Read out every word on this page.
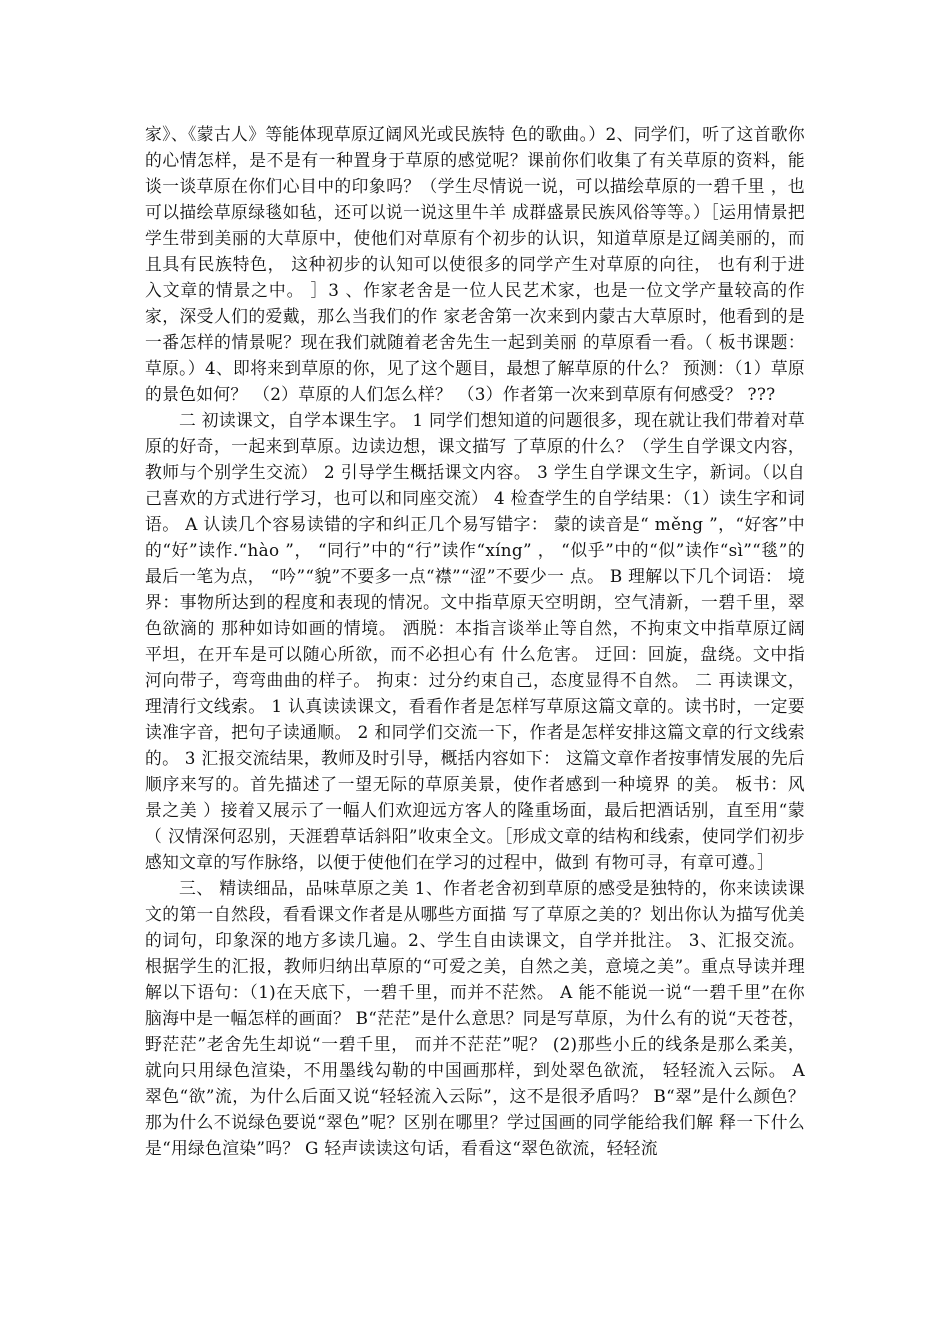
家》、《蒙古人》等能体现草原辽阔风光或民族特 色的歌曲。）2、同学们，听了这首歌你的心情怎样，是不是有一种置身于草原的感觉呢？课前你们收集了有关草原的资料，能谈一谈草原在你们心目中的印象吗？（学生尽情说一说，可以描绘草原的一碧千里 ，也可以描绘草原绿毯如毡，还可以说一说这里牛羊 成群盛景民族风俗等等。）［运用情景把学生带到美丽的大草原中，使他们对草原有个初步的认识，知道草原是辽阔美丽的，而 且具有民族特色， 这种初步的认知可以使很多的同学产生对草原的向往， 也有利于进入文章的情景之中。 ］3 、作家老舍是一位人民艺术家，也是一位文学产量较高的作家，深受人们的爱戴，那么当我们的作 家老舍第一次来到内蒙古大草原时，他看到的是一番怎样的情景呢？现在我们就随着老舍先生一起到美丽 的草原看一看。（ 板书课题：草原。）4、即将来到草原的你，见了这个题目，最想了解草原的什么？ 预测：（1）草原的景色如何？ （2）草原的人们怎么样？ （3）作者第一次来到草原有何感受？ ???

二 初读课文，自学本课生字。 1 同学们想知道的问题很多，现在就让我们带着对草原的好奇，一起来到草原。边读边想，课文描写 了草原的什么？（学生自学课文内容，教师与个别学生交流） 2 引导学生概括课文内容。 3 学生自学课文生字，新词。（以自己喜欢的方式进行学习，也可以和同座交流） 4 检查学生的自学结果：（1）读生字和词语。 A 认读几个容易读错的字和纠正几个易写错字： 蒙的读音是“ měng ”，“好客”中的“好”读作.“hào ”， “同行”中的“行”读作“xíng” ， “似乎”中的“似”读作“sì”“毯”的最后一笔为点， “吟”“貌”不要多一点“襟”“涩”不要少一 点。 B 理解以下几个词语： 境界：事物所达到的程度和表现的情况。文中指草原天空明朗，空气清新，一碧千里，翠色欲滴的 那种如诗如画的情境。 洒脱：本指言谈举止等自然，不拘束文中指草原辽阔平坦，在开车是可以随心所欲，而不必担心有 什么危害。 迂回：回旋，盘绕。文中指河向带子，弯弯曲曲的样子。 拘束：过分约束自己，态度显得不自然。 二 再读课文，理清行文线索。 1 认真读读课文，看看作者是怎样写草原这篇文章的。读书时，一定要读准字音，把句子读通顺。 2 和同学们交流一下，作者是怎样安排这篇文章的行文线索的。 3 汇报交流结果，教师及时引导，概括内容如下： 这篇文章作者按事情发展的先后顺序来写的。首先描述了一望无际的草原美景，使作者感到一种境界 的美。 板书：风景之美 ）接着又展示了一幅人们欢迎远方客人的隆重场面，最后把酒话别，直至用“蒙 （ 汉情深何忍别，天涯碧草话斜阳”收束全文。［形成文章的结构和线索，使同学们初步感知文章的写作脉络，以便于使他们在学习的过程中，做到 有物可寻，有章可遵。］

三、 精读细品，品味草原之美 1、作者老舍初到草原的感受是独特的，你来读读课文的第一自然段，看看课文作者是从哪些方面描 写了草原之美的？划出你认为描写优美的词句，印象深的地方多读几遍。2、学生自由读课文，自学并批注。 3、汇报交流。 根据学生的汇报，教师归纳出草原的“可爱之美，自然之美，意境之美”。重点导读并理解以下语句：（1)在天底下，一碧千里，而并不茫然。 A 能不能说一说“一碧千里”在你脑海中是一幅怎样的画面？ B“茫茫”是什么意思？同是写草原，为什么有的说“天苍苍，野茫茫”老舍先生却说“一碧千里， 而并不茫茫”呢？ (2)那些小丘的线条是那么柔美，就向只用绿色渲染，不用墨线勾勒的中国画那样，到处翠色欲流， 轻轻流入云际。 A 翠色“欲”流，为什么后面又说“轻轻流入云际”，这不是很矛盾吗？ B“翠”是什么颜色？那为什么不说绿色要说“翠色”呢？区别在哪里？学过国画的同学能给我们解 释一下什么是“用绿色渲染”吗？ G 轻声读读这句话，看看这“翠色欲流，轻轻流
